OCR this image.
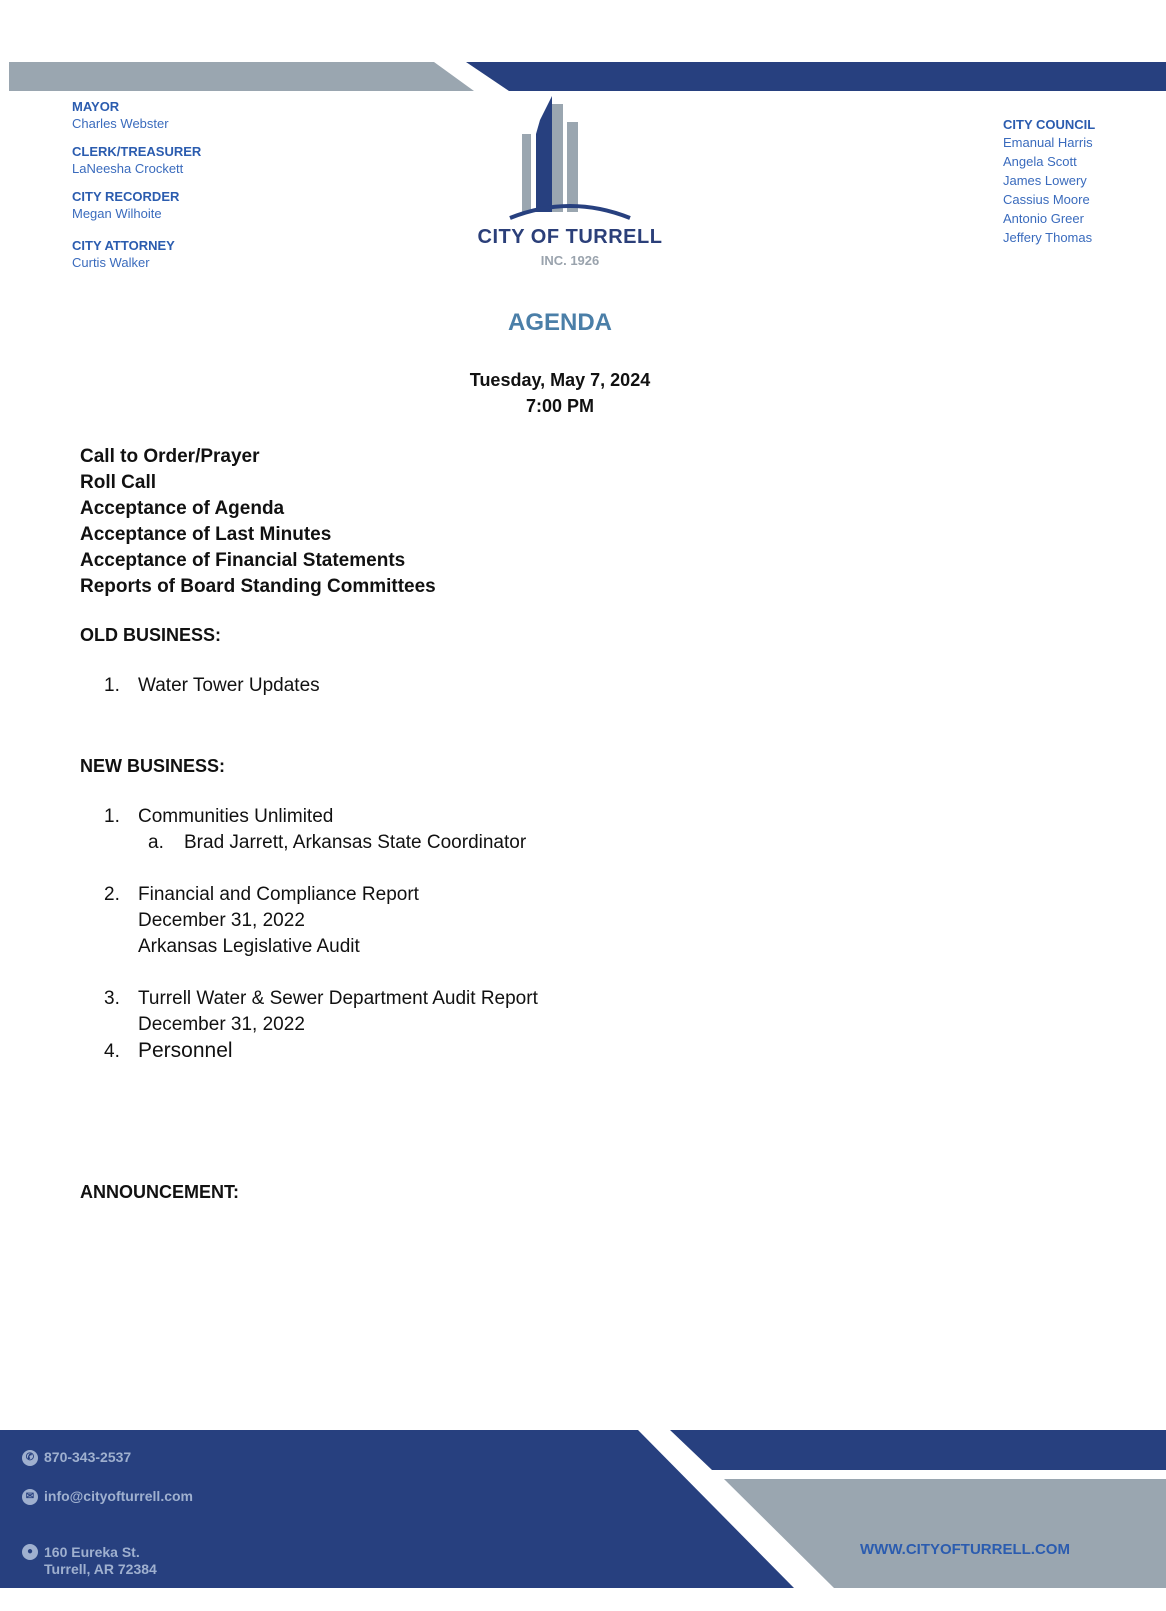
MAYOR
Charles Webster
CLERK/TREASURER
LaNeesha Crockett
CITY RECORDER
Megan Wilhoite
CITY ATTORNEY
Curtis Walker
CITY COUNCIL
Emanual Harris
Angela Scott
James Lowery
Cassius Moore
Antonio Greer
Jeffery Thomas
CITY OF TURRELL
INC. 1926
AGENDA
Tuesday, May 7, 2024
7:00 PM
Call to Order/Prayer
Roll Call
Acceptance of Agenda
Acceptance of Last Minutes
Acceptance of Financial Statements
Reports of Board Standing Committees
OLD BUSINESS:
1. Water Tower Updates
NEW BUSINESS:
1. Communities Unlimited
a. Brad Jarrett, Arkansas State Coordinator
2. Financial and Compliance Report
December 31, 2022
Arkansas Legislative Audit
3. Turrell Water & Sewer Department Audit Report
December 31, 2022
4. Personnel
ANNOUNCEMENT:
✆ 870-343-2537
✉ info@cityofturrell.com
● 160 Eureka St.
Turrell, AR 72384
WWW.CITYOFTURRELL.COM
